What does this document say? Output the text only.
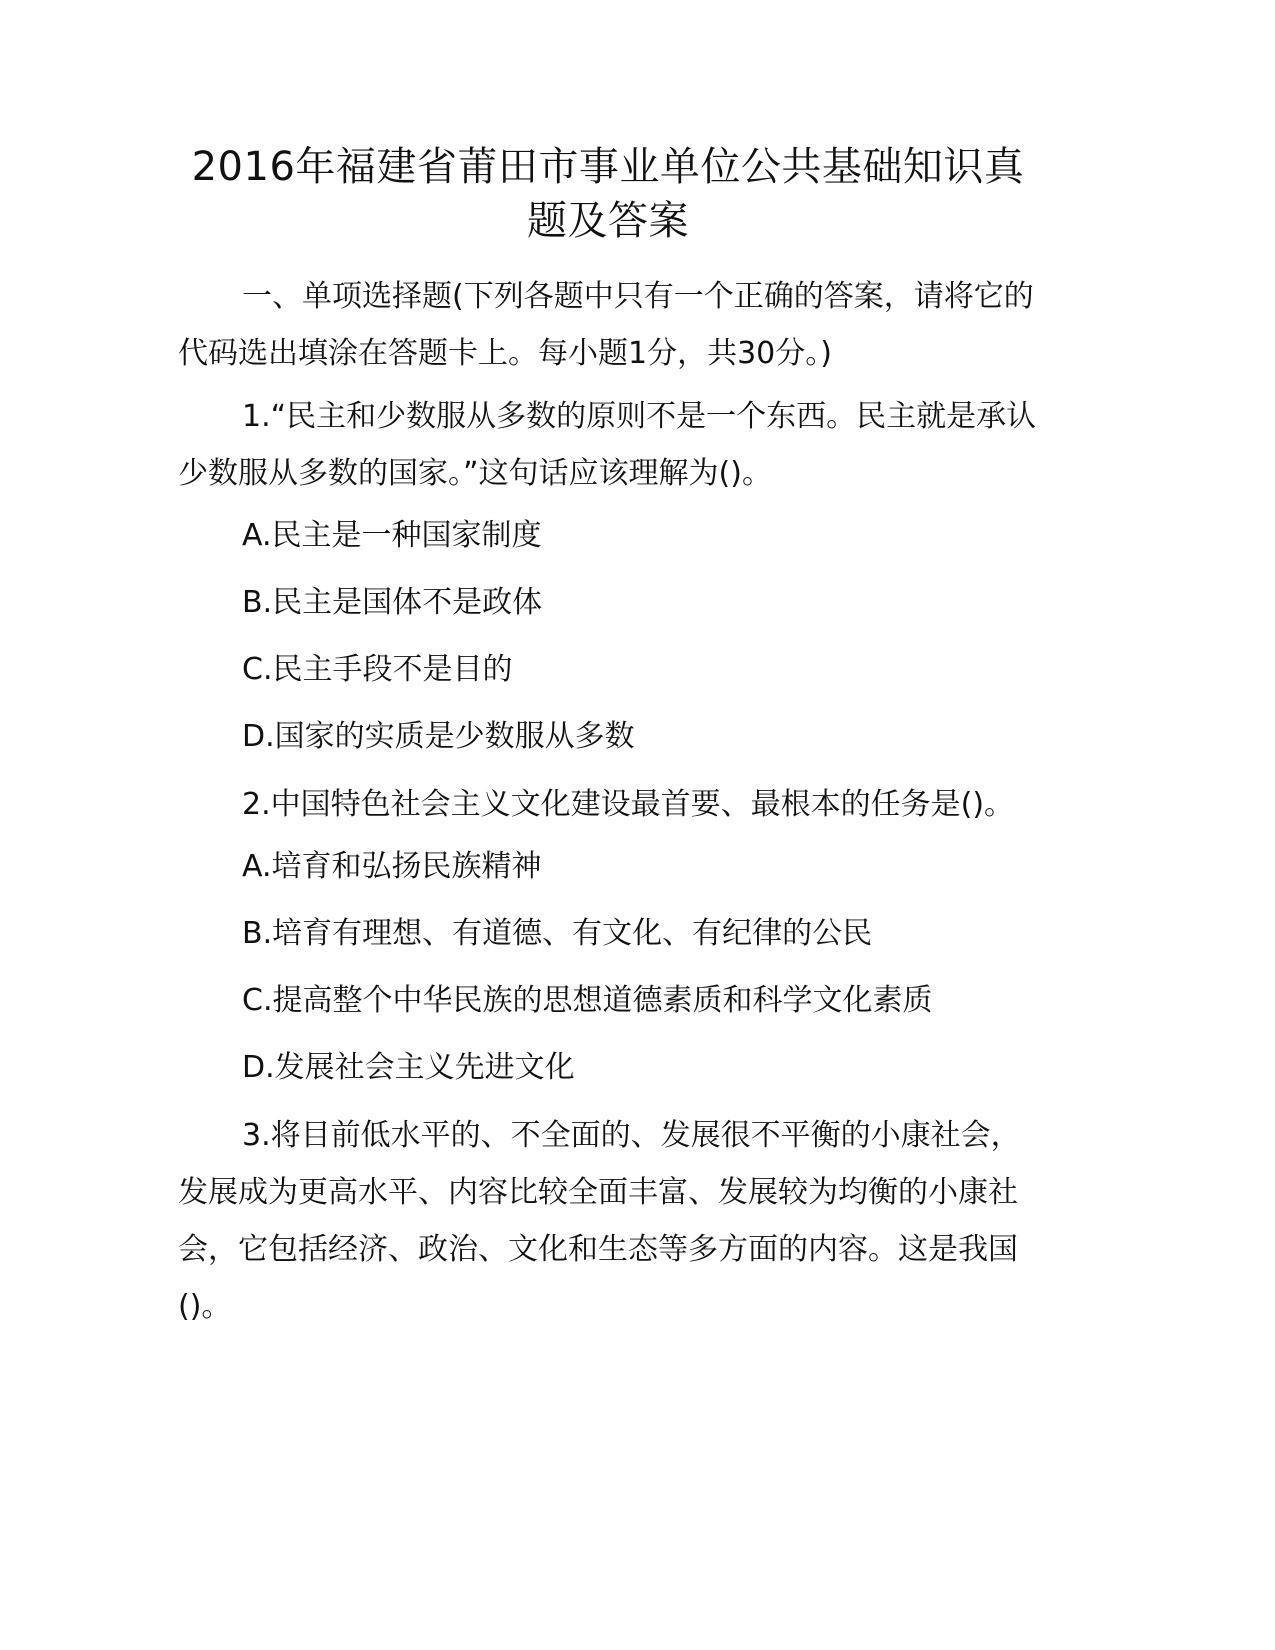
2016年福建省莆田市事业单位公共基础知识真题及答案

一、单项选择题(下列各题中只有一个正确的答案，请将它的代码选出填涂在答题卡上。每小题1分，共30分。)

1.“民主和少数服从多数的原则不是一个东西。民主就是承认少数服从多数的国家。”这句话应该理解为()。

A.民主是一种国家制度

B.民主是国体不是政体

C.民主手段不是目的

D.国家的实质是少数服从多数

2.中国特色社会主义文化建设最首要、最根本的任务是()。

A.培育和弘扬民族精神

B.培育有理想、有道德、有文化、有纪律的公民

C.提高整个中华民族的思想道德素质和科学文化素质

D.发展社会主义先进文化

3.将目前低水平的、不全面的、发展很不平衡的小康社会，发展成为更高水平、内容比较全面丰富、发展较为均衡的小康社会，它包括经济、政治、文化和生态等多方面的内容。这是我国()。
